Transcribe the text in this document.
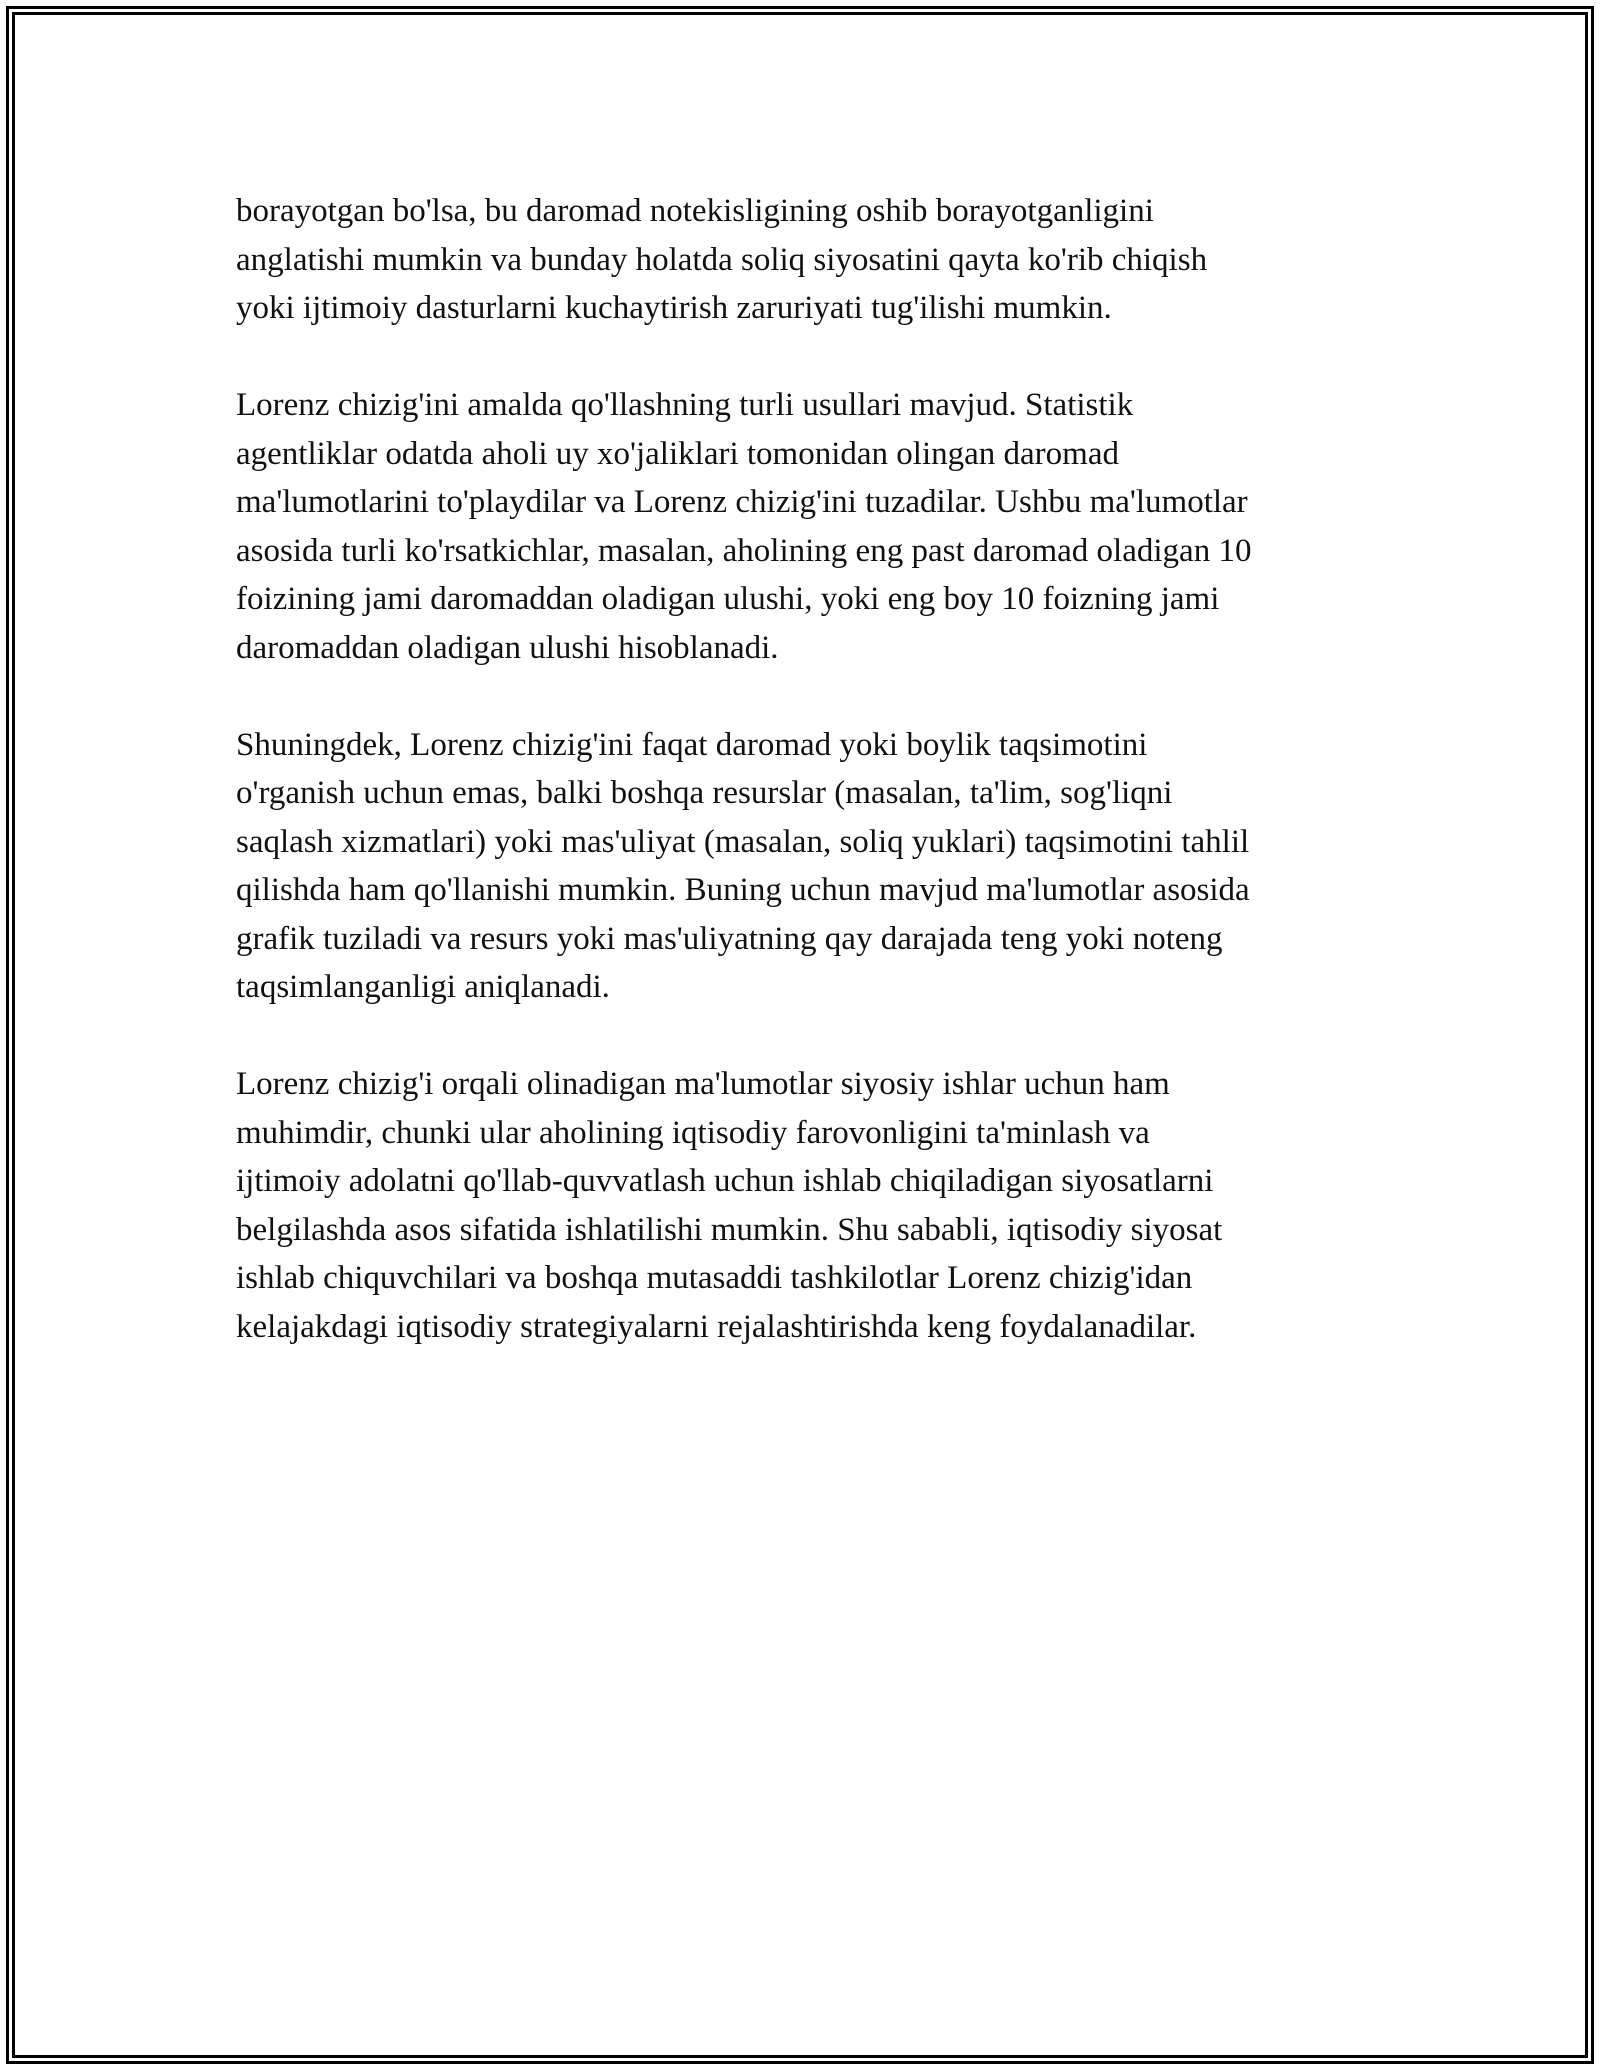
borayotgan bo'lsa, bu daromad notekisligining oshib borayotganligini
anglatishi mumkin va bunday holatda soliq siyosatini qayta ko'rib chiqish
yoki ijtimoiy dasturlarni kuchaytirish zaruriyati tug'ilishi mumkin.

Lorenz chizig'ini amalda qo'llashning turli usullari mavjud. Statistik
agentliklar odatda aholi uy xo'jaliklari tomonidan olingan daromad
ma'lumotlarini to'playdilar va Lorenz chizig'ini tuzadilar. Ushbu ma'lumotlar
asosida turli ko'rsatkichlar, masalan, aholining eng past daromad oladigan 10
foizining jami daromaddan oladigan ulushi, yoki eng boy 10 foizning jami
daromaddan oladigan ulushi hisoblanadi.

Shuningdek, Lorenz chizig'ini faqat daromad yoki boylik taqsimotini
o'rganish uchun emas, balki boshqa resurslar (masalan, ta'lim, sog'liqni
saqlash xizmatlari) yoki mas'uliyat (masalan, soliq yuklari) taqsimotini tahlil
qilishda ham qo'llanishi mumkin. Buning uchun mavjud ma'lumotlar asosida
grafik tuziladi va resurs yoki mas'uliyatning qay darajada teng yoki noteng
taqsimlanganligi aniqlanadi.

Lorenz chizig'i orqali olinadigan ma'lumotlar siyosiy ishlar uchun ham
muhimdir, chunki ular aholining iqtisodiy farovonligini ta'minlash va
ijtimoiy adolatni qo'llab-quvvatlash uchun ishlab chiqiladigan siyosatlarni
belgilashda asos sifatida ishlatilishi mumkin. Shu sababli, iqtisodiy siyosat
ishlab chiquvchilari va boshqa mutasaddi tashkilotlar Lorenz chizig'idan
kelajakdagi iqtisodiy strategiyalarni rejalashtirishda keng foydalanadilar.
